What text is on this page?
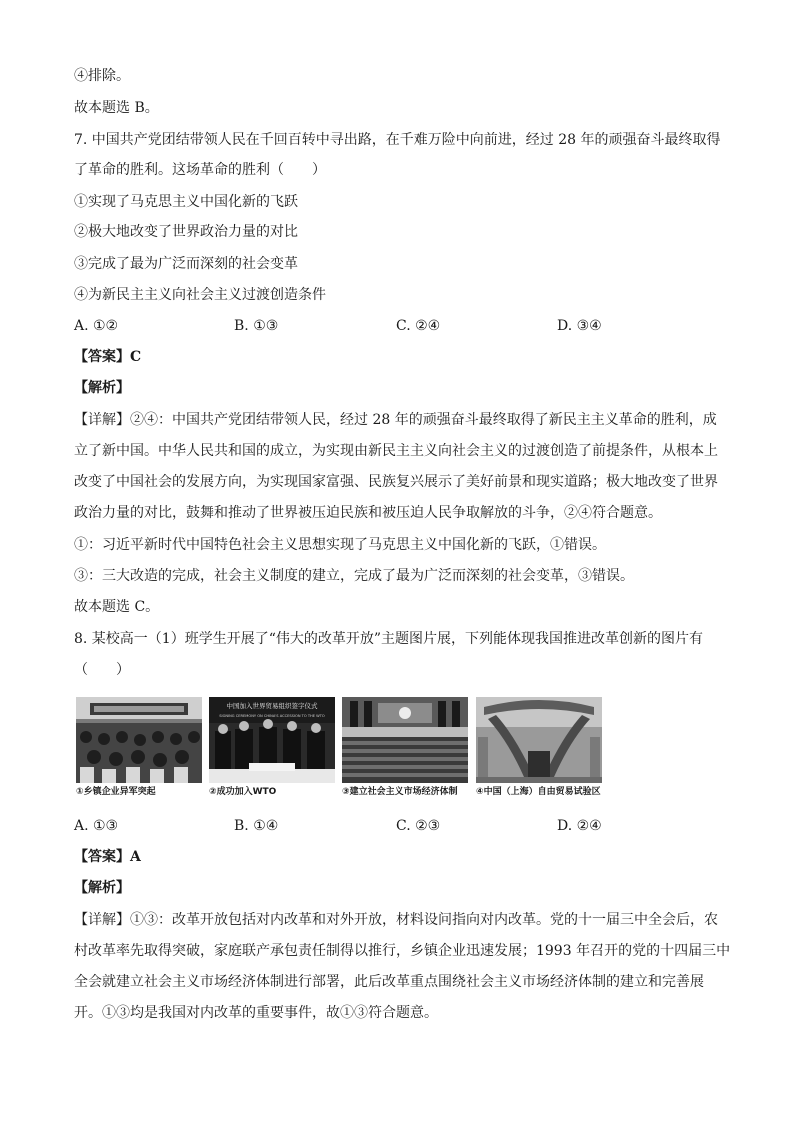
④排除。
故本题选 B。
7. 中国共产党团结带领人民在千回百转中寻出路，在千难万险中向前进，经过 28 年的顽强奋斗最终取得
了革命的胜利。这场革命的胜利（　　）
①实现了马克思主义中国化新的飞跃
②极大地改变了世界政治力量的对比
③完成了最为广泛而深刻的社会变革
④为新民主主义向社会主义过渡创造条件
A. ①②	B. ①③	C. ②④	D. ③④
【答案】C
【解析】
【详解】②④：中国共产党团结带领人民，经过 28 年的顽强奋斗最终取得了新民主主义革命的胜利，成
立了新中国。中华人民共和国的成立，为实现由新民主主义向社会主义的过渡创造了前提条件，从根本上
改变了中国社会的发展方向，为实现国家富强、民族复兴展示了美好前景和现实道路；极大地改变了世界
政治力量的对比，鼓舞和推动了世界被压迫民族和被压迫人民争取解放的斗争，②④符合题意。
①：习近平新时代中国特色社会主义思想实现了马克思主义中国化新的飞跃，①错误。
③：三大改造的完成，社会主义制度的建立，完成了最为广泛而深刻的社会变革，③错误。
故本题选 C。
8. 某校高一（1）班学生开展了“伟大的改革开放”主题图片展，下列能体现我国推进改革创新的图片有
（　　）
①乡镇企业异军突起
中国加入世界贸易组织签字仪式
SIGNING CEREMONY ON CHINA'S ACCESSION TO THE WTO
②成功加入WTO	③建立社会主义市场经济体制	④中国（上海）自由贸易试验区
A. ①③	B. ①④	C. ②③	D. ②④
【答案】A
【解析】
【详解】①③：改革开放包括对内改革和对外开放，材料设问指向对内改革。党的十一届三中全会后，农
村改革率先取得突破，家庭联产承包责任制得以推行，乡镇企业迅速发展；1993 年召开的党的十四届三中
全会就建立社会主义市场经济体制进行部署，此后改革重点围绕社会主义市场经济体制的建立和完善展
开。①③均是我国对内改革的重要事件，故①③符合题意。
